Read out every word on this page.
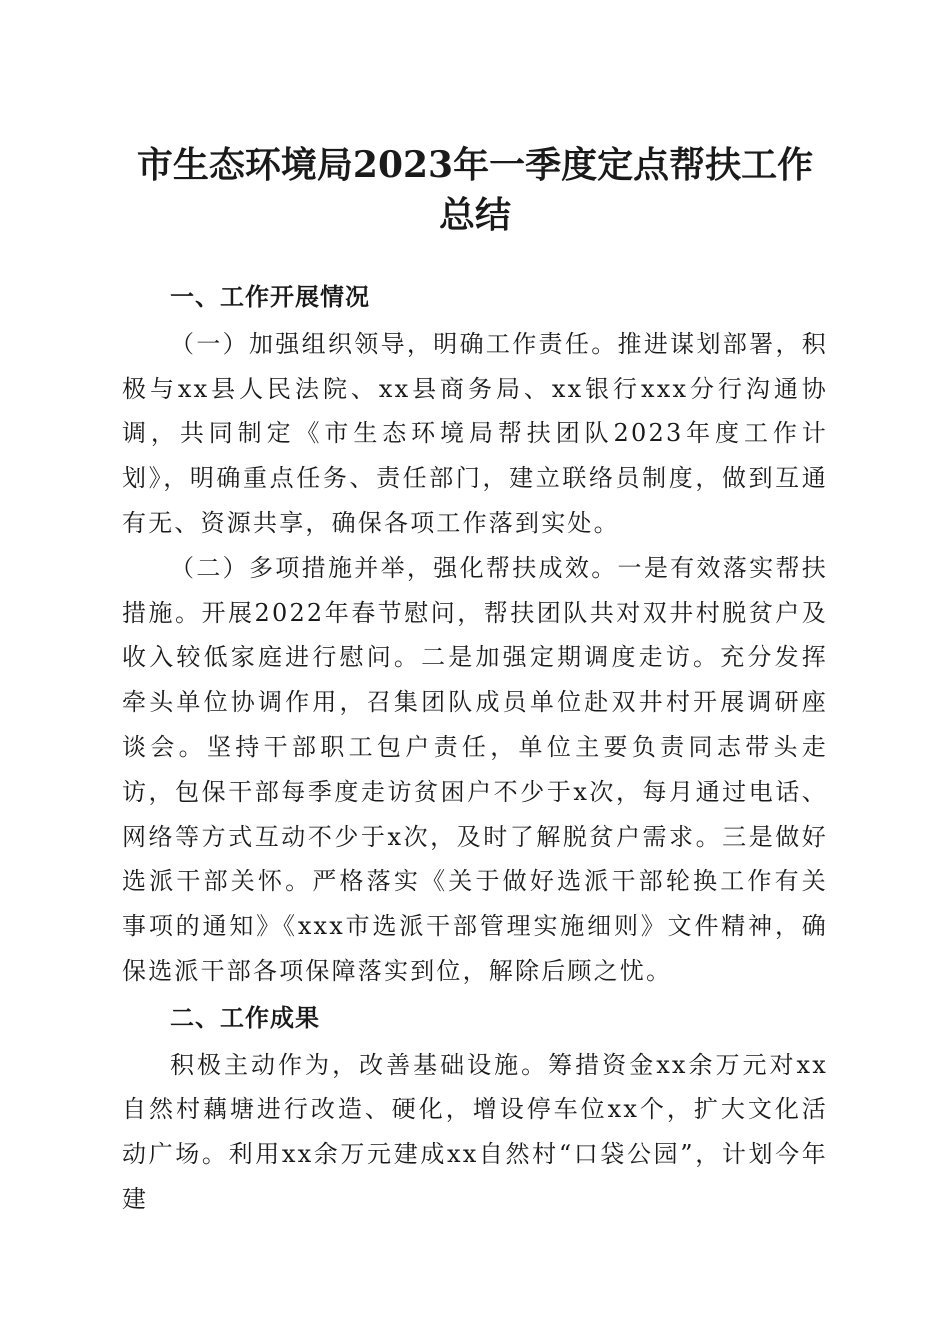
市生态环境局2023年一季度定点帮扶工作总结

一、工作开展情况

（一）加强组织领导，明确工作责任。推进谋划部署，积极与xx县人民法院、xx县商务局、xx银行xxx分行沟通协调，共同制定《市生态环境局帮扶团队2023年度工作计划》，明确重点任务、责任部门，建立联络员制度，做到互通有无、资源共享，确保各项工作落到实处。

（二）多项措施并举，强化帮扶成效。一是有效落实帮扶措施。开展2022年春节慰问，帮扶团队共对双井村脱贫户及收入较低家庭进行慰问。二是加强定期调度走访。充分发挥牵头单位协调作用，召集团队成员单位赴双井村开展调研座谈会。坚持干部职工包户责任，单位主要负责同志带头走访，包保干部每季度走访贫困户不少于x次，每月通过电话、网络等方式互动不少于x次，及时了解脱贫户需求。三是做好选派干部关怀。严格落实《关于做好选派干部轮换工作有关事项的通知》《xxx市选派干部管理实施细则》文件精神，确保选派干部各项保障落实到位，解除后顾之忧。

二、工作成果

积极主动作为，改善基础设施。筹措资金xx余万元对xx自然村藕塘进行改造、硬化，增设停车位xx个，扩大文化活动广场。利用xx余万元建成xx自然村“口袋公园”，计划今年建
